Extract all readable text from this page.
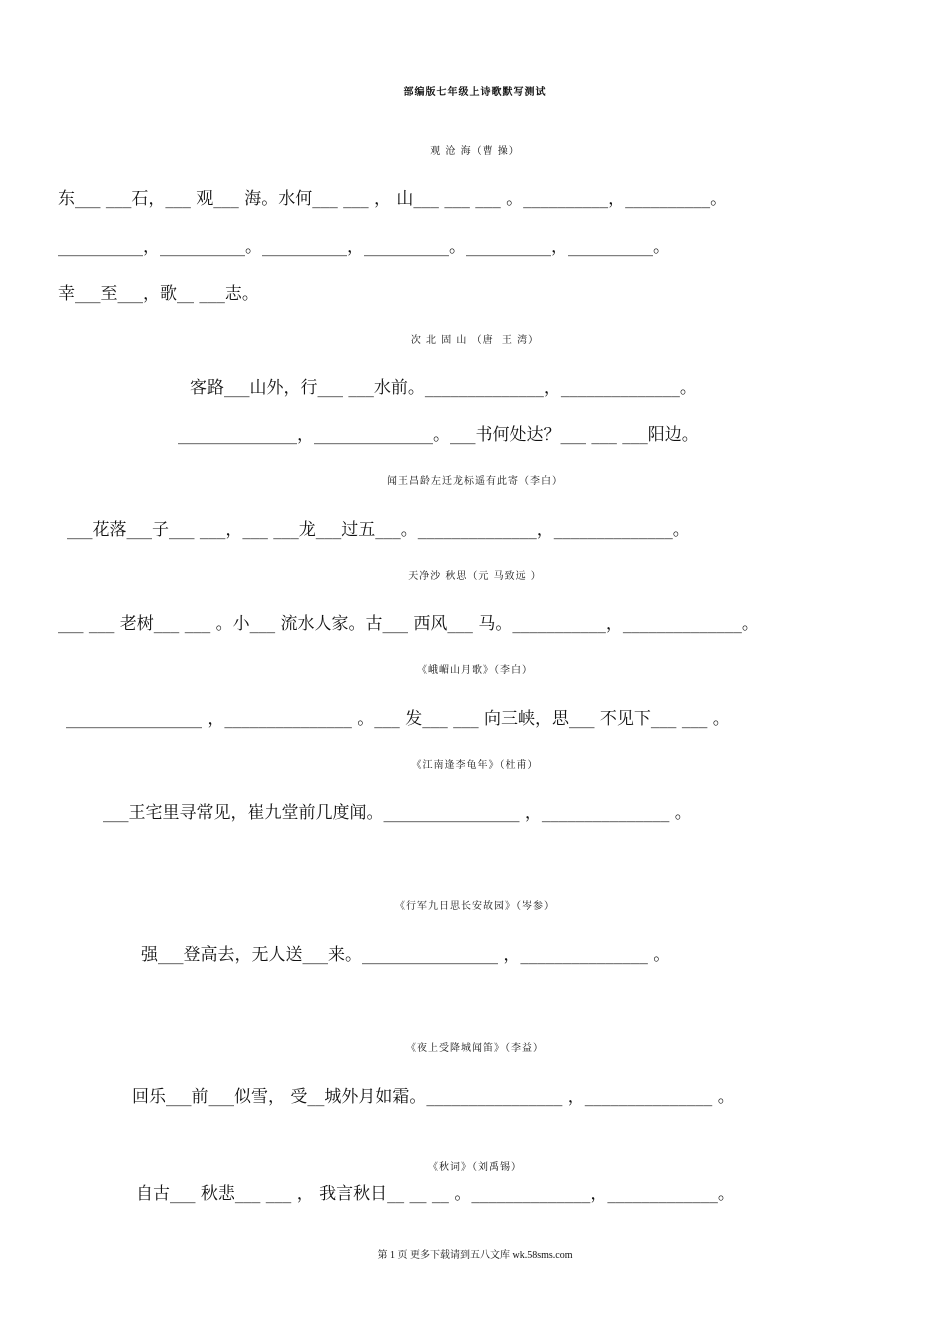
部编版七年级上诗歌默写测试
观 沧 海（曹 操）
东___ ___石，___ 观___ 海。水何___ ___ ， 山___ ___ ___ 。__________，__________。
__________，__________。__________，__________。__________，__________。
幸___至___，歌__ ___志。
次 北 固 山 （唐  王 湾）
客路___山外，行___ ___水前。______________，______________。
______________，______________。___书何处达？___ ___ ___阳边。
闻王昌龄左迁龙标遥有此寄（李白）
___花落___子___ ___，___ ___龙___过五___。______________，______________。
天净沙 秋思（元 马致远 ）
___ ___ 老树___ ___ 。小___ 流水人家。古___ 西风___ 马。___________，______________。
《峨嵋山月歌》（李白）
________________ ，_______________ 。___ 发___ ___ 向三峡，思___ 不见下___ ___ 。
《江南逢李龟年》（杜甫）
___王宅里寻常见，崔九堂前几度闻。________________ ，_______________ 。
《行军九日思长安故园》（岑参）
强___登高去，无人送___来。________________ ，_______________ 。
《夜上受降城闻笛》（李益）
回乐___前___似雪， 受__城外月如霜。________________ ，_______________ 。
《秋词》（刘禹锡）
自古___ 秋悲___ ___ ， 我言秋日__ __ __ 。______________，_____________。
第 1 页 更多下载请到五八文库 wk.58sms.com
